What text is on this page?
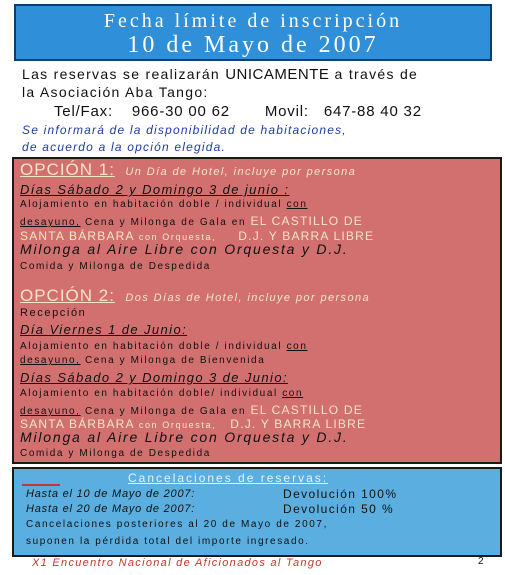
Fecha límite de inscripción
10 de Mayo de 2007
Las reservas se realizarán UNICAMENTE a través de
la Asociación Aba Tango:
Tel/Fax: 966-30 00 62 Movil: 647-88 40 32
Se informará de la disponibilidad de habitaciones,
de acuerdo a la opción elegida.
OPCIÓN 1: Un Día de Hotel, incluye por persona
Días Sábado 2 y Domingo 3 de junio :
Alojamiento en habitación doble / individual con
desayuno, Cena y Milonga de Gala en EL CASTILLO DE
SANTA BÁRBARA con Orquesta, D.J. Y BARRA LIBRE
Milonga al Aire Libre con Orquesta y D.J.
Comida y Milonga de Despedida
OPCIÓN 2: Dos Días de Hotel, incluye por persona
Recepción
Día Viernes 1 de Junio:
Alojamiento en habitación doble / individual con
desayuno, Cena y Milonga de Bienvenida
Días Sábado 2 y Domingo 3 de Junio:
Alojamiento en habitación doble/ individual con
desayuno, Cena y Milonga de Gala en EL CASTILLO DE
SANTA BÁRBARA con Orquesta, D.J. Y BARRA LIBRE
Milonga al Aire Libre con Orquesta y D.J.
Comida y Milonga de Despedida
Cancelaciones de reservas:
Hasta el 10 de Mayo de 2007:	Devolución 100%
Hasta el 20 de Mayo de 2007:	Devolución 50 %
Cancelaciones posteriores al 20 de Mayo de 2007,
suponen la pérdida total del importe ingresado.
X1 Encuentro Nacional de Aficionados al Tango	2
